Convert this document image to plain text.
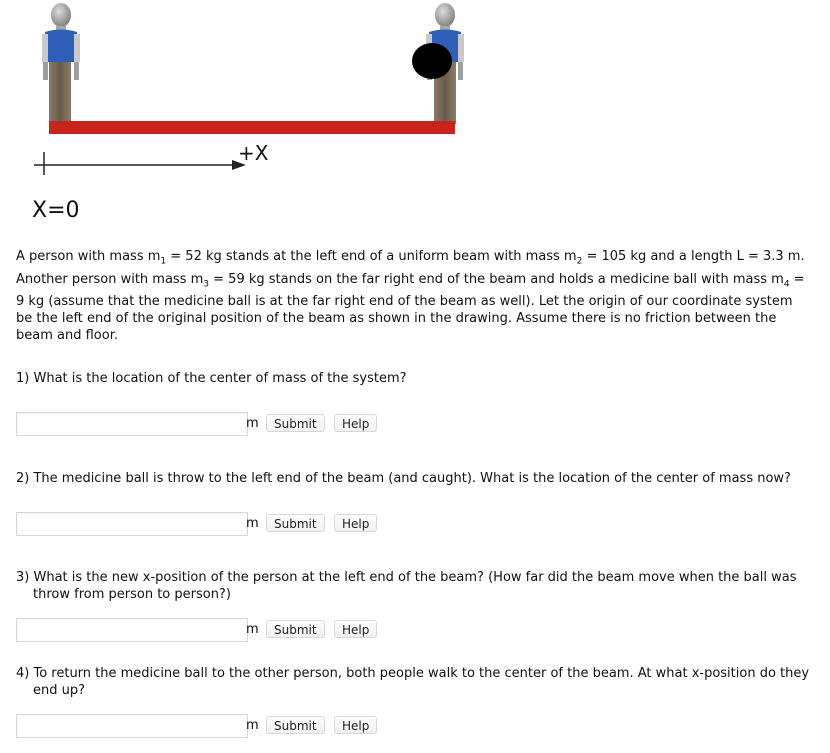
+X
X=0

A person with mass $m_1 = 52$ kg stands at the left end of a uniform beam with mass $m_2 = 105$ kg and a length L = 3.3 m. Another person with mass $m_3 = 59$ kg stands on the far right end of the beam and holds a medicine ball with mass $m_4 = 9$ kg (assume that the medicine ball is at the far right end of the beam as well). Let the origin of our coordinate system be the left end of the original position of the beam as shown in the drawing. Assume there is no friction between the beam and floor.

1) What is the location of the center of mass of the system?

m	Submit	Help

2) The medicine ball is throw to the left end of the beam (and caught). What is the location of the center of mass now?

m	Submit	Help

3) What is the new x-position of the person at the left end of the beam? (How far did the beam move when the ball was throw from person to person?)

m	Submit	Help

4) To return the medicine ball to the other person, both people walk to the center of the beam. At what x-position do they end up?

m	Submit	Help
